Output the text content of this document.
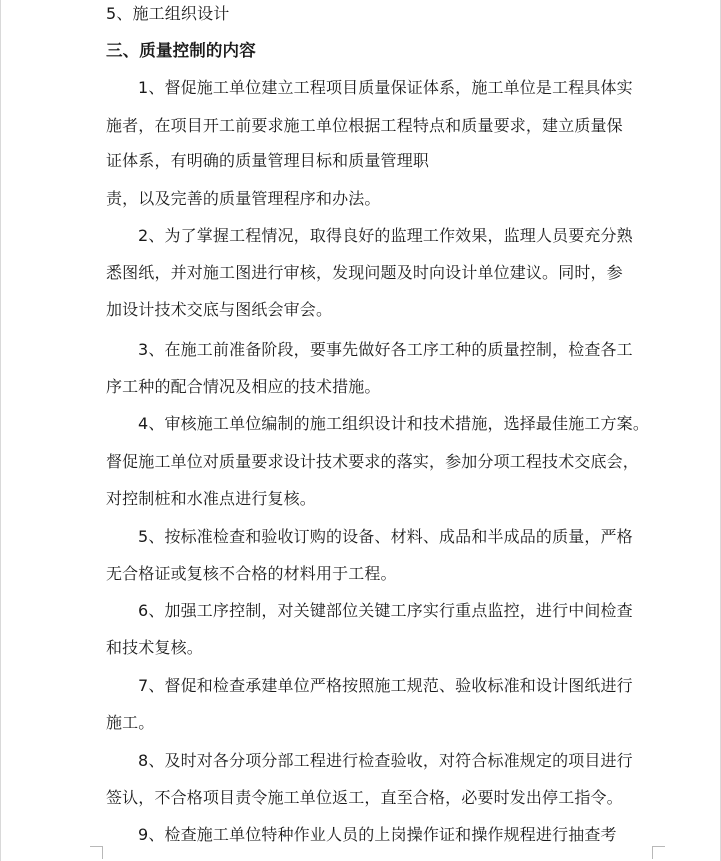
5、施工组织设计
三、质量控制的内容
1、督促施工单位建立工程项目质量保证体系，施工单位是工程具体实
施者，在项目开工前要求施工单位根据工程特点和质量要求，建立质量保
证体系，有明确的质量管理目标和质量管理职
责，以及完善的质量管理程序和办法。
2、为了掌握工程情况，取得良好的监理工作效果，监理人员要充分熟
悉图纸，并对施工图进行审核，发现问题及时向设计单位建议。同时，参
加设计技术交底与图纸会审会。
3、在施工前准备阶段，要事先做好各工序工种的质量控制，检查各工
序工种的配合情况及相应的技术措施。
4、审核施工单位编制的施工组织设计和技术措施，选择最佳施工方案。
督促施工单位对质量要求设计技术要求的落实，参加分项工程技术交底会，
对控制桩和水准点进行复核。
5、按标准检查和验收订购的设备、材料、成品和半成品的质量，严格
无合格证或复核不合格的材料用于工程。
6、加强工序控制，对关键部位关键工序实行重点监控，进行中间检查
和技术复核。
7、督促和检查承建单位严格按照施工规范、验收标准和设计图纸进行
施工。
8、及时对各分项分部工程进行检查验收，对符合标准规定的项目进行
签认，不合格项目责令施工单位返工，直至合格，必要时发出停工指令。
9、检查施工单位特种作业人员的上岗操作证和操作规程进行抽查考
